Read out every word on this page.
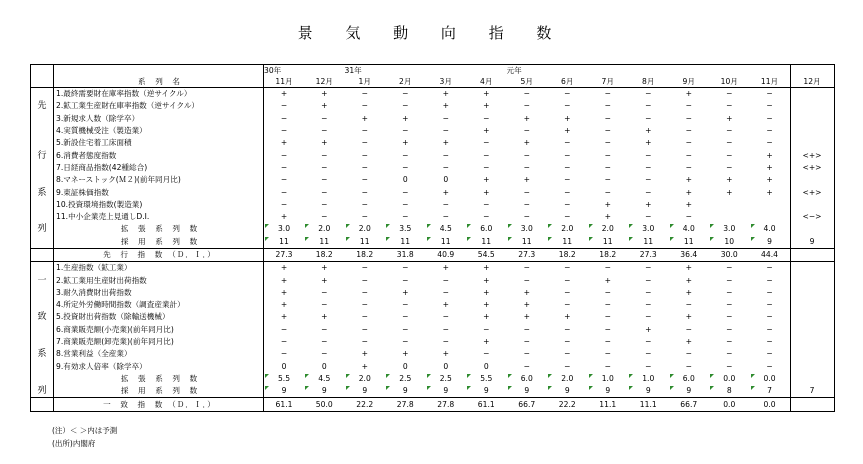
景 気 動 向 指 数
		30年		31年				元年							
	系　列　名	11月	12月	1月	2月	3月	4月	5月	6月	7月	8月	9月	10月	11月	12月
	1.最終需要財在庫率指数（逆サイクル）	+	+	−	−	+	+	−	−	−	−	+	−	−	
先	2.鉱工業生産財在庫率指数（逆サイクル）	−	+	−	−	+	+	−	−	−	−	−	−	−	
	3.新規求人数（除学卒）	−	−	+	+	−	−	+	+	−	−	−	+	−	
	4.実質機械受注（製造業）	−	−	−	−	−	+	−	+	−	+	−	−	−	
	5.新設住宅着工床面積	+	+	−	+	+	−	+	−	−	+	−	−	−	
行	6.消費者態度指数	−	−	−	−	−	−	−	−	−	−	−	−	+	<+>
	7.日経商品指数(42種総合)	−	−	−	−	−	−	−	−	−	−	−	−	+	<+>
	8.マネーストック(Ｍ２)(前年同月比)	−	−	−	0	0	+	+	−	−	−	+	+	+	
系	9.東証株価指数	−	−	−	−	+	+	−	−	−	−	+	+	+	<+>
	10.投資環境指数(製造業)	−	−	−	−	−	−	−	−	+	+	+			
	11.中小企業売上見通しD.I.	+	−	−	−	−	−	−	−	+	−	−			<−>
列	拡　張　系　列　数	3.0	2.0	2.0	3.5	4.5	6.0	3.0	2.0	2.0	3.0	4.0	3.0	4.0

	採　用　系　列　数	11	11	11	11	11	11	11	11	11	11	11	10	9	9
	先　行　指　数　（Ｄ．Ｉ．）	27.3	18.2	18.2	31.8	40.9	54.5	27.3	18.2	18.2	27.3	36.4	30.0	44.4	
	1.生産指数（鉱工業）	+	+	−	−	+	+	−	−	−	−	+	−	−	
一	2.鉱工業用生産財出荷指数	+	+	−	−	−	+	−	−	+	−	+	−	−	
	3.耐久消費財出荷指数	+	−	−	+	−	+	+	−	−	−	+	−	−	
	4.所定外労働時間指数（調査産業計）	+	−	−	−	+	+	+	−	−	−	−	−	−	
致	5.投資財出荷指数（除輸送機械）	+	+	−	−	−	+	+	+	−	−	+	−	−	
	6.商業販売額(小売業)(前年同月比)	−	−	−	−	−	−	−	−	−	+	−	−	−	
	7.商業販売額(卸売業)(前年同月比)	−	−	−	−	−	+	−	−	−	−	+	−	−	
系	8.営業利益（全産業）	−	−	+	+	+	−	−	−	−	−	−	−	−	
	9.有効求人倍率（除学卒）	0	0	+	0	0	0	−	−	−	−	−	−	−	
	拡　張　系　列　数	5.5	4.5	2.0	2.5	2.5	5.5	6.0	2.0	1.0	1.0	6.0	0.0	0.0

列	採　用　系　列　数	9	9	9	9	9	9	9	9	9	9	9	8	7	7
	一　致　指　数　（Ｄ．Ｉ．）	61.1	50.0	22.2	27.8	27.8	61.1	66.7	22.2	11.1	11.1	66.7	0.0	0.0	
(注）＜ ＞内は予測
(出所)内閣府
